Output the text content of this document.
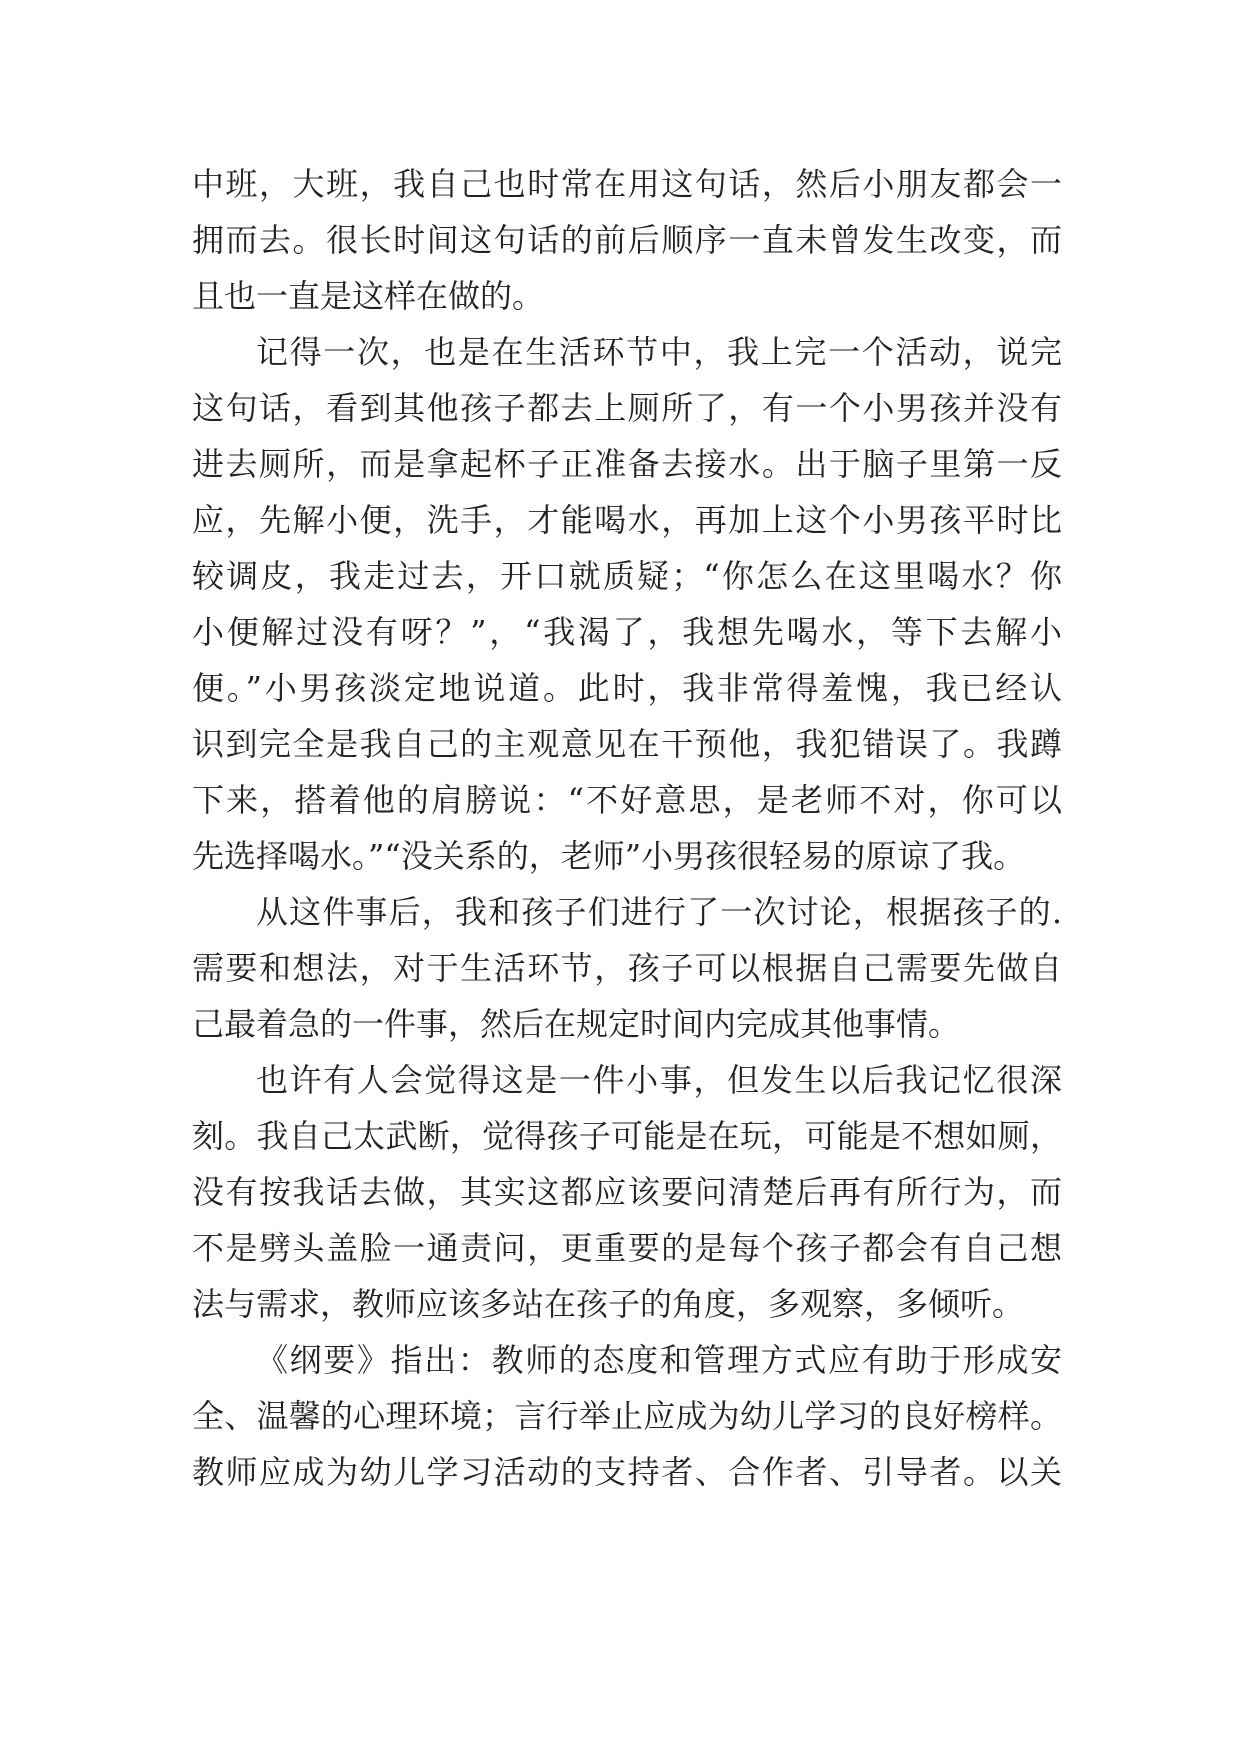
中班，大班，我自己也时常在用这句话，然后小朋友都会一
拥而去。很长时间这句话的前后顺序一直未曾发生改变，而
且也一直是这样在做的。
记得一次，也是在生活环节中，我上完一个活动，说完
这句话，看到其他孩子都去上厕所了，有一个小男孩并没有
进去厕所，而是拿起杯子正准备去接水。出于脑子里第一反
应，先解小便，洗手，才能喝水，再加上这个小男孩平时比
较调皮，我走过去，开口就质疑；“你怎么在这里喝水？你
小便解过没有呀？”，“我渴了，我想先喝水，等下去解小
便。”小男孩淡定地说道。此时，我非常得羞愧，我已经认
识到完全是我自己的主观意见在干预他，我犯错误了。我蹲
下来，搭着他的肩膀说：“不好意思，是老师不对，你可以
先选择喝水。”“没关系的，老师”小男孩很轻易的原谅了我。
从这件事后，我和孩子们进行了一次讨论，根据孩子的.
需要和想法，对于生活环节，孩子可以根据自己需要先做自
己最着急的一件事，然后在规定时间内完成其他事情。
也许有人会觉得这是一件小事，但发生以后我记忆很深
刻。我自己太武断，觉得孩子可能是在玩，可能是不想如厕，
没有按我话去做，其实这都应该要问清楚后再有所行为，而
不是劈头盖脸一通责问，更重要的是每个孩子都会有自己想
法与需求，教师应该多站在孩子的角度，多观察，多倾听。
《纲要》指出：教师的态度和管理方式应有助于形成安
全、温馨的心理环境；言行举止应成为幼儿学习的良好榜样。
教师应成为幼儿学习活动的支持者、合作者、引导者。以关
